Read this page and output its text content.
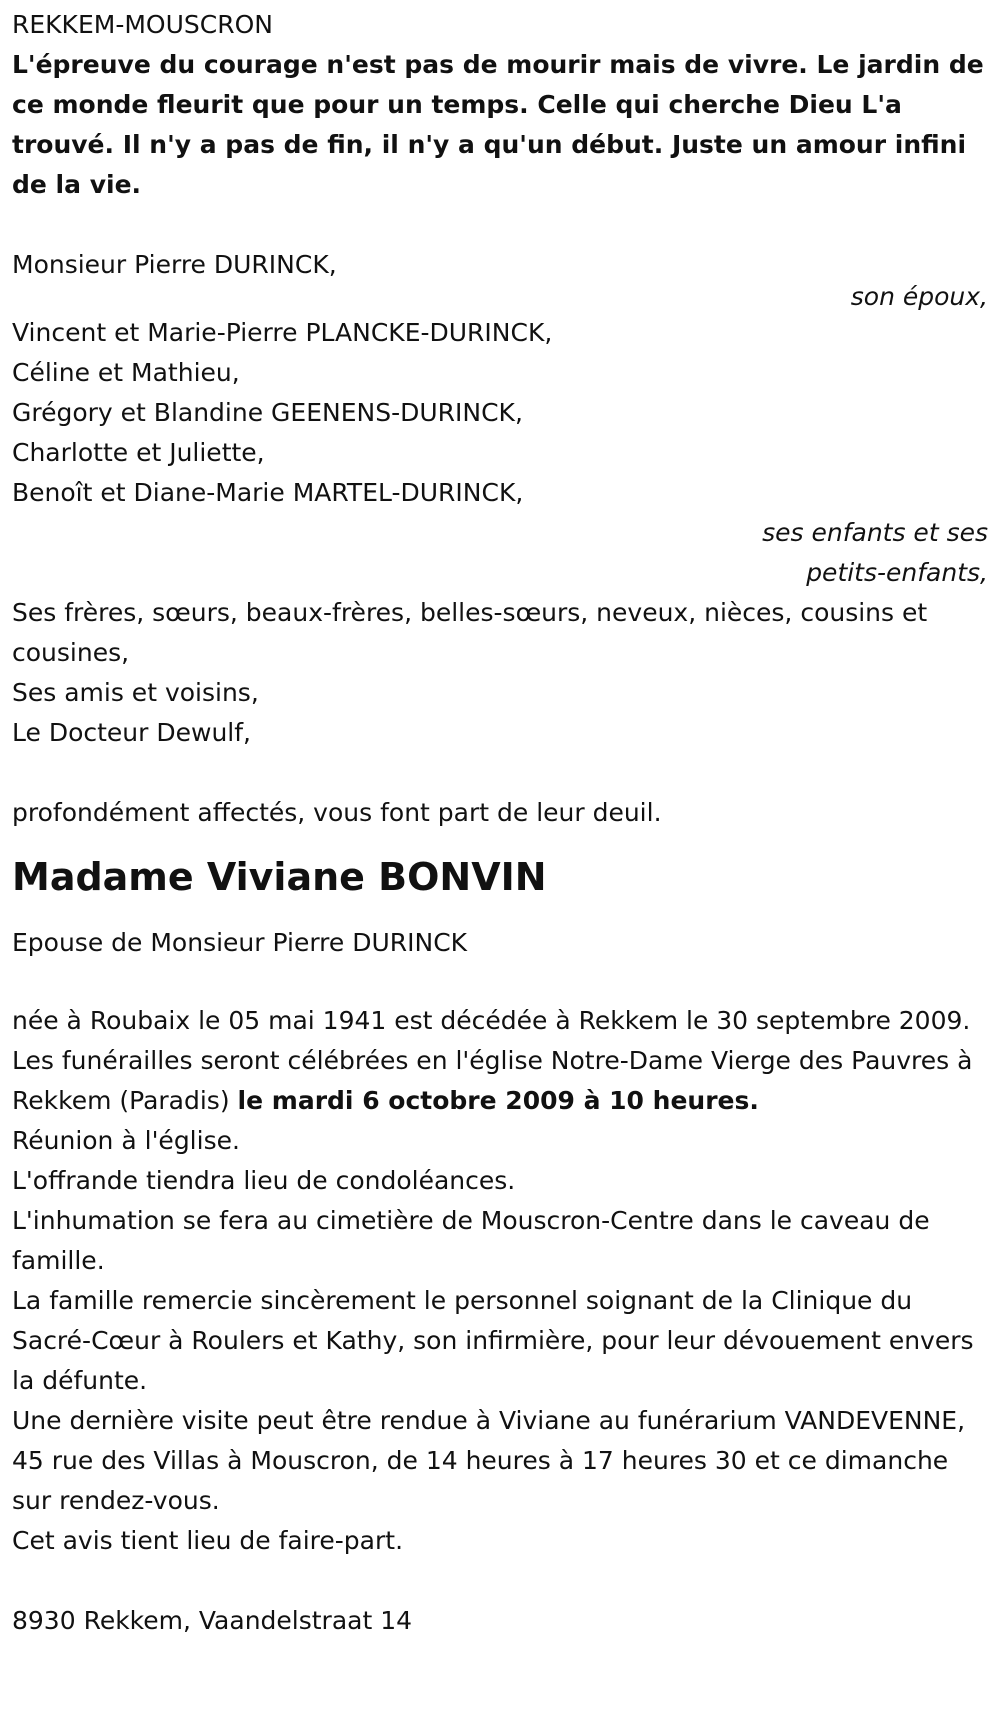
REKKEM-MOUSCRON

L'épreuve du courage n'est pas de mourir mais de vivre. Le jardin de ce monde fleurit que pour un temps. Celle qui cherche Dieu L'a trouvé. Il n'y a pas de fin, il n'y a qu'un début. Juste un amour infini de la vie.

Monsieur Pierre DURINCK,

son époux,

Vincent et Marie-Pierre PLANCKE-DURINCK,

Céline et Mathieu,

Grégory et Blandine GEENENS-DURINCK,

Charlotte et Juliette,

Benoît et Diane-Marie MARTEL-DURINCK,

ses enfants et ses

petits-enfants,

Ses frères, sœurs, beaux-frères, belles-sœurs, neveux, nièces, cousins et cousines,

Ses amis et voisins,

Le Docteur Dewulf,

profondément affectés, vous font part de leur deuil.

Madame Viviane BONVIN

Epouse de Monsieur Pierre DURINCK

née à Roubaix le 05 mai 1941 est décédée à Rekkem le 30 septembre 2009.

Les funérailles seront célébrées en l'église Notre-Dame Vierge des Pauvres à Rekkem (Paradis) le mardi 6 octobre 2009 à 10 heures.

Réunion à l'église.

L'offrande tiendra lieu de condoléances.

L'inhumation se fera au cimetière de Mouscron-Centre dans le caveau de famille.

La famille remercie sincèrement le personnel soignant de la Clinique du Sacré-Cœur à Roulers et Kathy, son infirmière, pour leur dévouement envers la défunte.

Une dernière visite peut être rendue à Viviane au funérarium VANDEVENNE, 45 rue des Villas à Mouscron, de 14 heures à 17 heures 30 et ce dimanche sur rendez-vous.

Cet avis tient lieu de faire-part.

8930 Rekkem, Vaandelstraat 14
